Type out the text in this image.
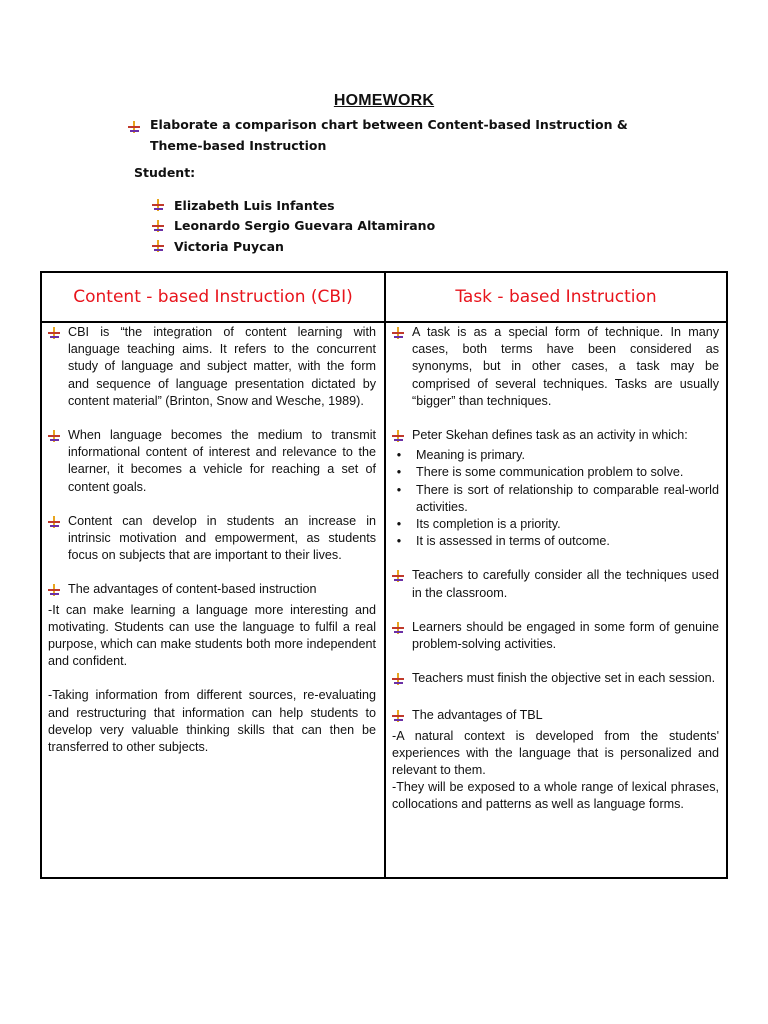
HOMEWORK
Elaborate a comparison chart between Content-based Instruction & Theme-based Instruction
Student:
Elizabeth Luis Infantes
Leonardo Sergio Guevara Altamirano
Victoria Puycan
Content - based Instruction (CBI)	Task - based Instruction
CBI is “the integration of content learning with language teaching aims. It refers to the concurrent study of language and subject matter, with the form and sequence of language presentation dictated by content material” (Brinton, Snow and Wesche, 1989).
When language becomes the medium to transmit informational content of interest and relevance to the learner, it becomes a vehicle for reaching a set of content goals.
Content can develop in students an increase in intrinsic motivation and empowerment, as students focus on subjects that are important to their lives.
The advantages of content-based instruction
-It can make learning a language more interesting and motivating. Students can use the language to fulfil a real purpose, which can make students both more independent and confident.
-Taking information from different sources, re-evaluating and restructuring that information can help students to develop very valuable thinking skills that can then be transferred to other subjects.
A task is as a special form of technique. In many cases, both terms have been considered as synonyms, but in other cases, a task may be comprised of several techniques. Tasks are usually “bigger” than techniques.
Peter Skehan defines task as an activity in which:
• Meaning is primary.
• There is some communication problem to solve.
• There is sort of relationship to comparable real-world activities.
• Its completion is a priority.
• It is assessed in terms of outcome.
Teachers to carefully consider all the techniques used in the classroom.
Learners should be engaged in some form of genuine problem-solving activities.
Teachers must finish the objective set in each session.
The advantages of TBL
-A natural context is developed from the students' experiences with the language that is personalized and relevant to them.
-They will be exposed to a whole range of lexical phrases, collocations and patterns as well as language forms.
